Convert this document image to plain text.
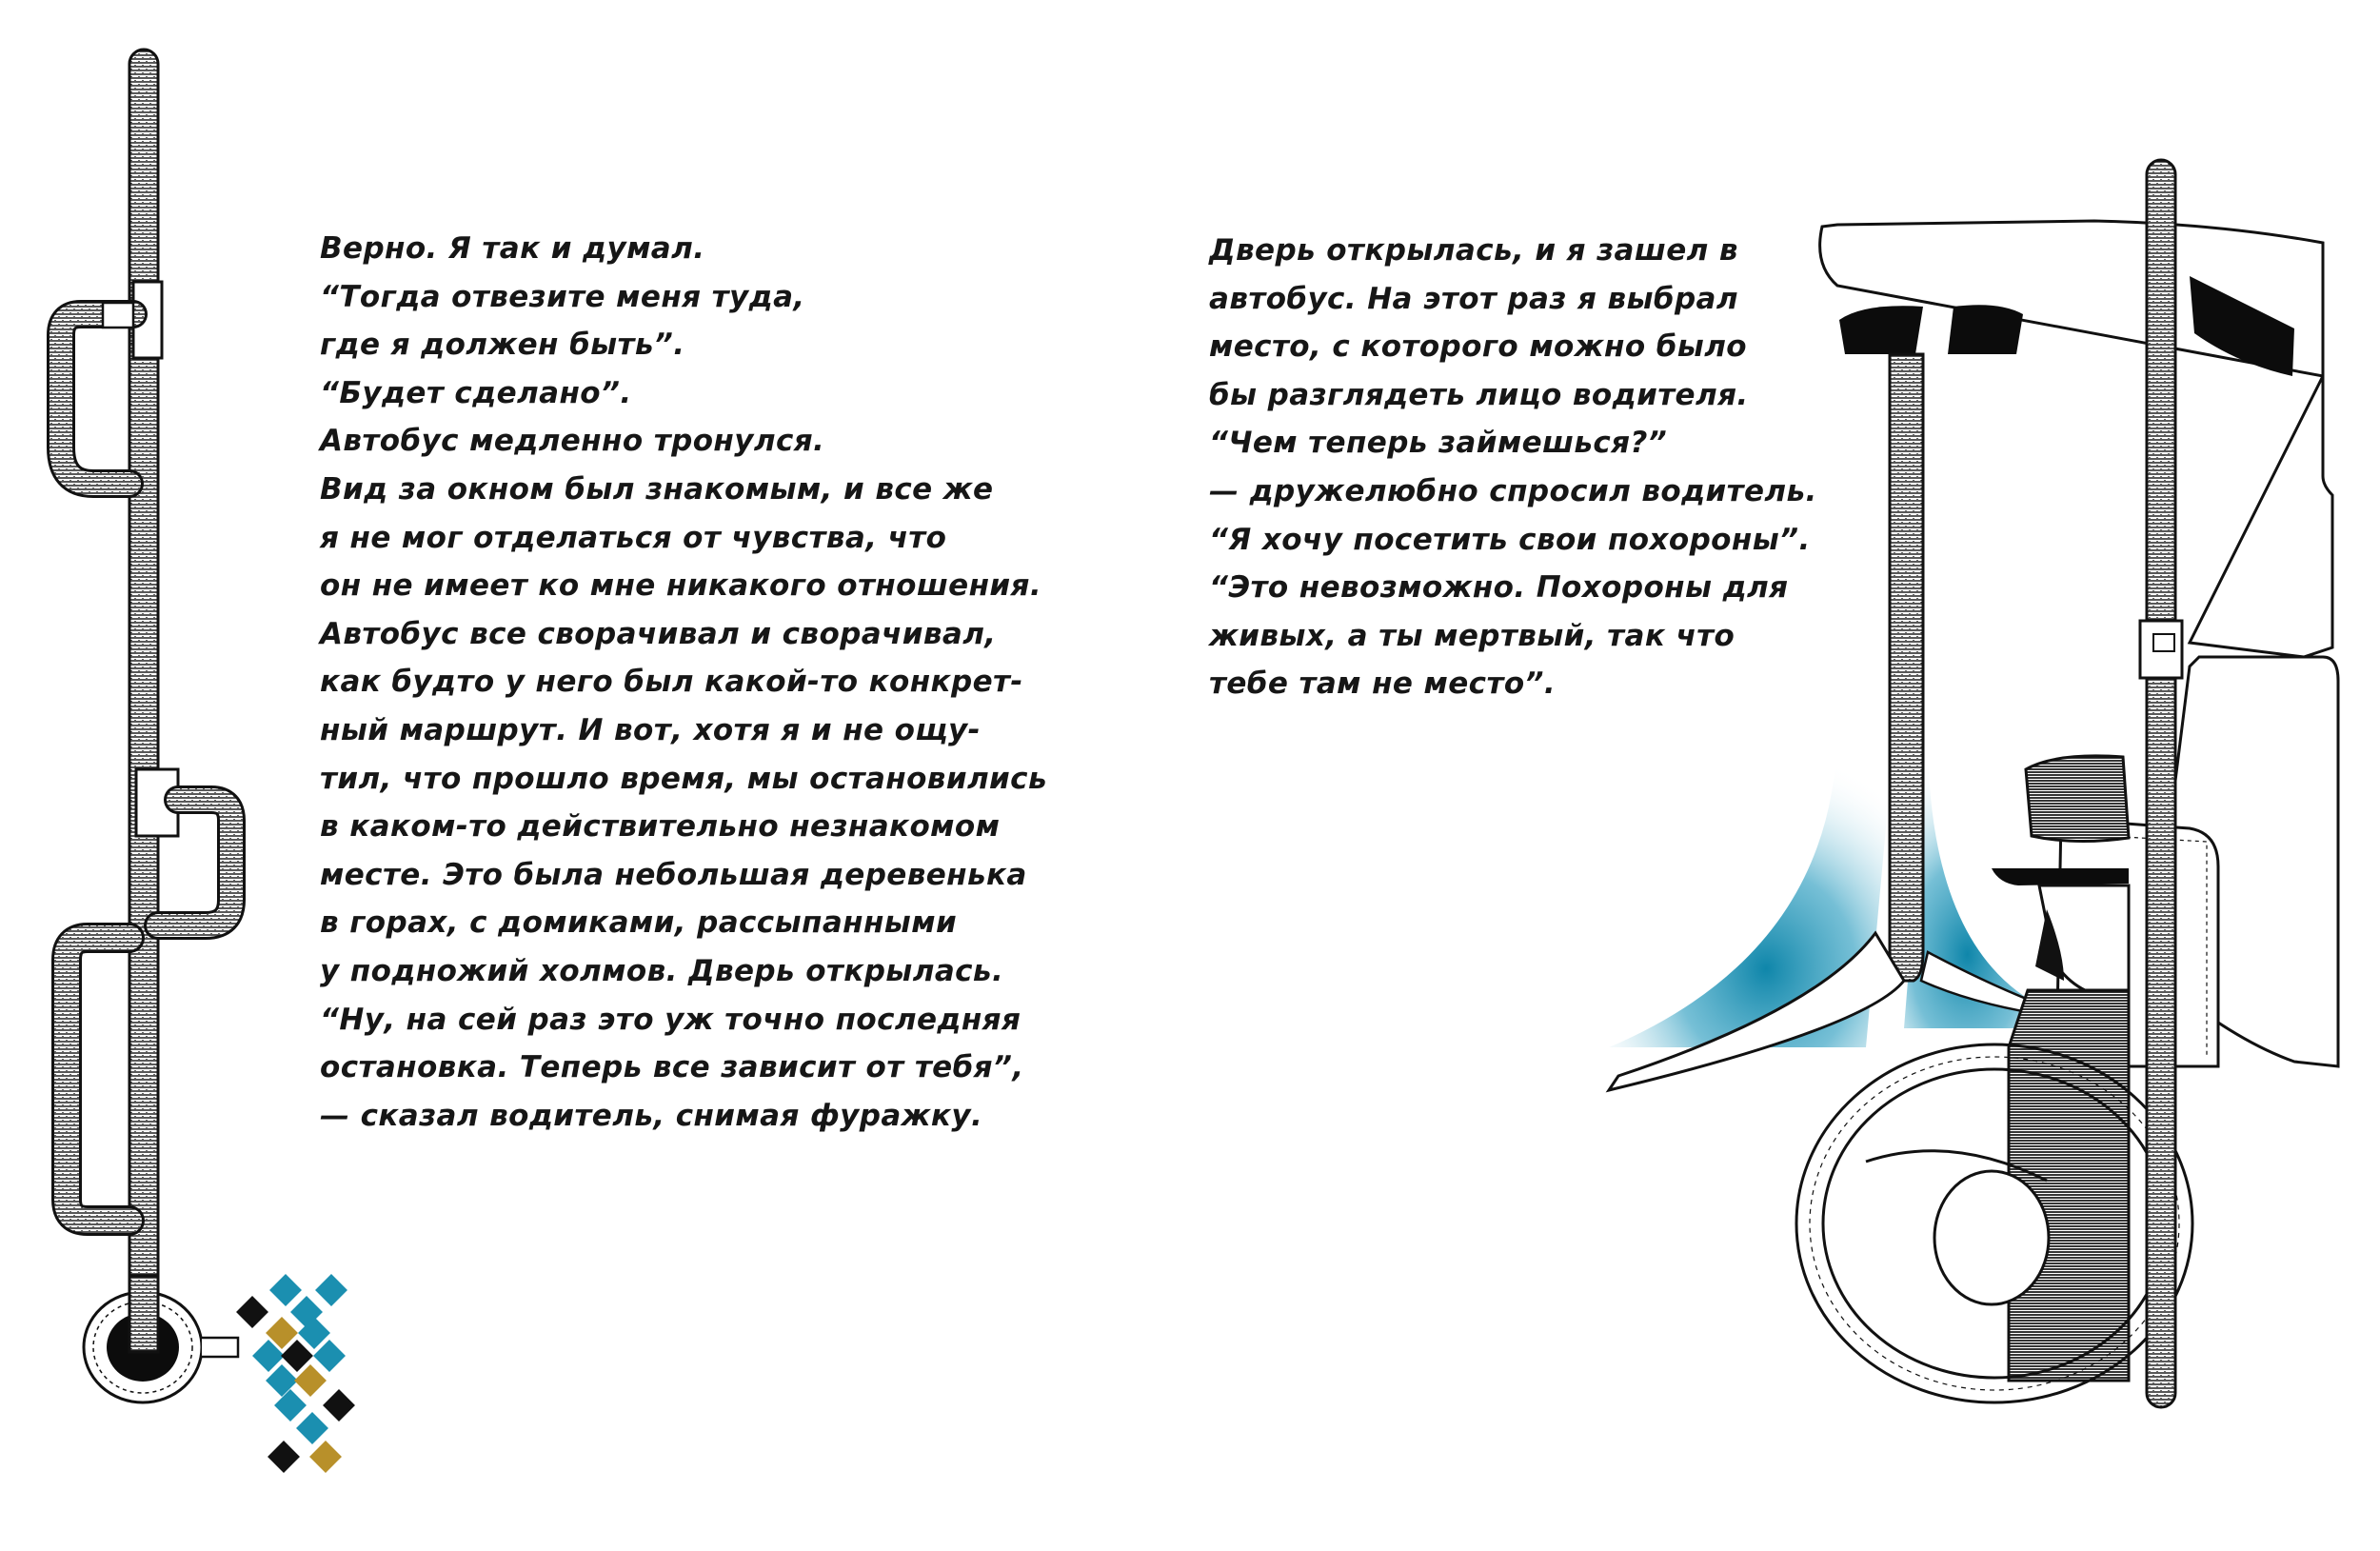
Верно. Я так и думал.
“Тогда отвезите меня туда,
где я должен быть”.
“Будет сделано”.
Автобус медленно тронулся.
Вид за окном был знакомым, и все же
я не мог отделаться от чувства, что
он не имеет ко мне никакого отношения.
Автобус все сворачивал и сворачивал,
как будто у него был какой-то конкрет-
ный маршрут. И вот, хотя я и не ощу-
тил, что прошло время, мы остановились
в каком-то действительно незнакомом
месте. Это была небольшая деревенька
в горах, с домиками, рассыпанными
у подножий холмов. Дверь открылась.
“Ну, на сей раз это уж точно последняя
остановка. Теперь все зависит от тебя”,
— сказал водитель, снимая фуражку.
Дверь открылась, и я зашел в
автобус. На этот раз я выбрал
место, с которого можно было
бы разглядеть лицо водителя.
“Чем теперь займешься?”
— дружелюбно спросил водитель.
“Я хочу посетить свои похороны”.
“Это невозможно. Похороны для
живых, а ты мертвый, так что
тебе там не место”.
